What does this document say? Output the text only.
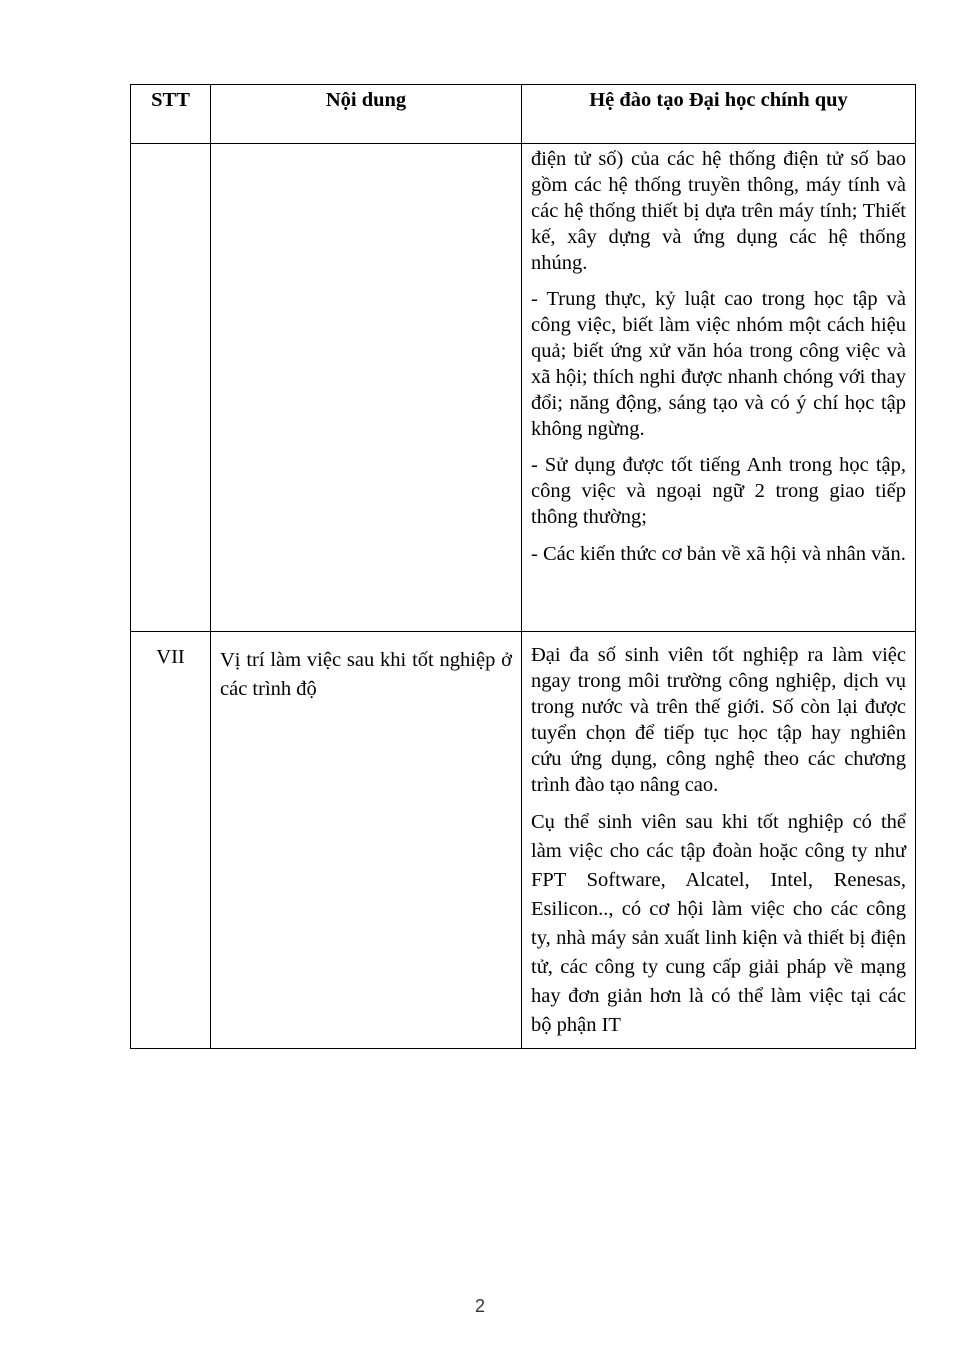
STT	Nội dung	Hệ đào tạo Đại học chính quy

		điện tử số) của các hệ thống điện tử số bao gồm các hệ thống truyền thông, máy tính và các hệ thống thiết bị dựa trên máy tính; Thiết kế, xây dựng và ứng dụng các hệ thống nhúng.

- Trung thực, kỷ luật cao trong học tập và công việc, biết làm việc nhóm một cách hiệu quả; biết ứng xử văn hóa trong công việc và xã hội; thích nghi được nhanh chóng với thay đổi; năng động, sáng tạo và có ý chí học tập không ngừng.

- Sử dụng được tốt tiếng Anh trong học tập, công việc và ngoại ngữ 2 trong giao tiếp thông thường;

- Các kiến thức cơ bản về xã hội và nhân văn.

VII	Vị trí làm việc sau khi tốt nghiệp ở các trình độ	Đại đa số sinh viên tốt nghiệp ra làm việc ngay trong môi trường công nghiệp, dịch vụ trong nước và trên thế giới. Số còn lại được tuyển chọn để tiếp tục học tập hay nghiên cứu ứng dụng, công nghệ theo các chương trình đào tạo nâng cao.

Cụ thể sinh viên sau khi tốt nghiệp có thể làm việc cho các tập đoàn hoặc công ty như FPT Software, Alcatel, Intel, Renesas, Esilicon.., có cơ hội làm việc cho các công ty, nhà máy sản xuất linh kiện và thiết bị điện tử, các công ty cung cấp giải pháp về mạng hay đơn giản hơn là có thể làm việc tại các bộ phận IT

2
